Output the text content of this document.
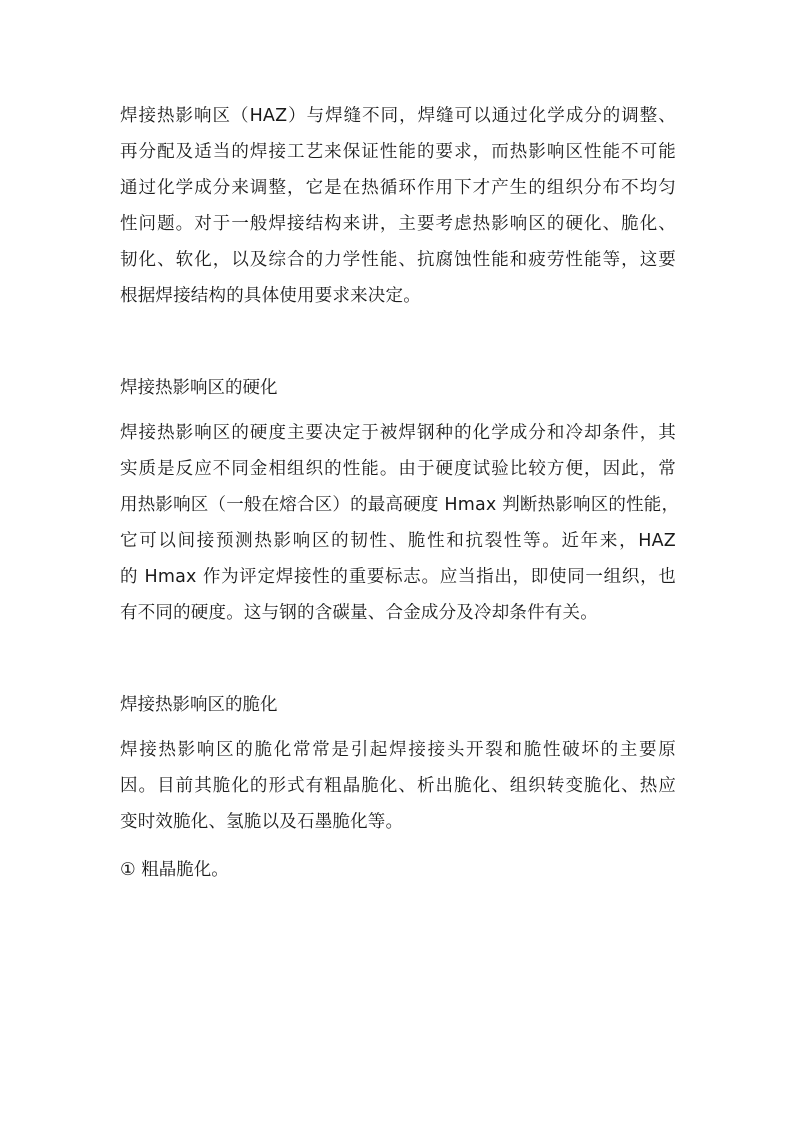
焊接热影响区（HAZ）与焊缝不同，焊缝可以通过化学成分的调整、
再分配及适当的焊接工艺来保证性能的要求，而热影响区性能不可能
通过化学成分来调整，它是在热循环作用下才产生的组织分布不均匀
性问题。对于一般焊接结构来讲，主要考虑热影响区的硬化、脆化、
韧化、软化，以及综合的力学性能、抗腐蚀性能和疲劳性能等，这要
根据焊接结构的具体使用要求来决定。
焊接热影响区的硬化
焊接热影响区的硬度主要决定于被焊钢种的化学成分和冷却条件，其
实质是反应不同金相组织的性能。由于硬度试验比较方便，因此，常
用热影响区（一般在熔合区）的最高硬度 Hmax 判断热影响区的性能，
它可以间接预测热影响区的韧性、脆性和抗裂性等。近年来，HAZ
的 Hmax 作为评定焊接性的重要标志。应当指出，即使同一组织，也
有不同的硬度。这与钢的含碳量、合金成分及冷却条件有关。
焊接热影响区的脆化
焊接热影响区的脆化常常是引起焊接接头开裂和脆性破坏的主要原
因。目前其脆化的形式有粗晶脆化、析出脆化、组织转变脆化、热应
变时效脆化、氢脆以及石墨脆化等。
① 粗晶脆化。
